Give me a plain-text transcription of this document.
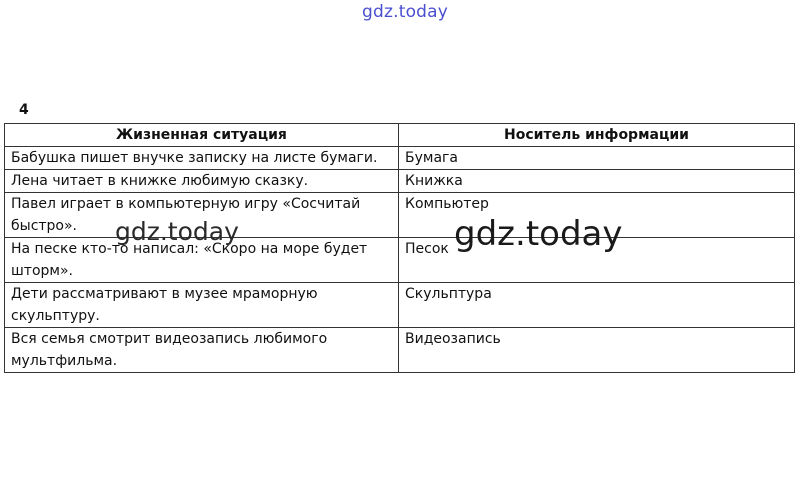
gdz.today
4
Жизненная ситуация	Носитель информации
Бабушка пишет внучке записку на листе бумаги.	Бумага
Лена читает в книжке любимую сказку.	Книжка
Павел играет в компьютерную игру «Сосчитай быстро».	Компьютер
На песке кто-то написал: «Скоро на море будет шторм».	Песок
Дети рассматривают в музее мраморную скульптуру.	Скульптура
Вся семья смотрит видеозапись любимого мультфильма.	Видеозапись
gdz.today	gdz.today
